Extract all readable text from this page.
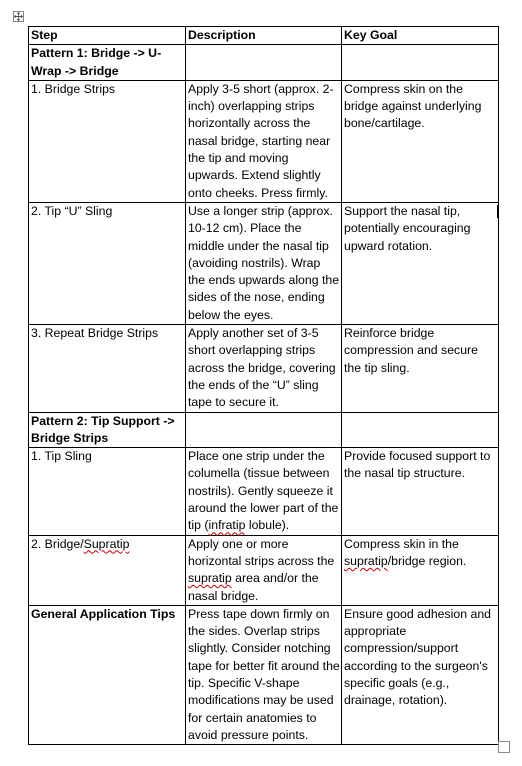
Step	Description	Key Goal
Pattern 1: Bridge -> U-Wrap -> Bridge		
1. Bridge Strips	Apply 3-5 short (approx. 2-inch) overlapping strips horizontally across the nasal bridge, starting near the tip and moving upwards. Extend slightly onto cheeks. Press firmly.	Compress skin on the bridge against underlying bone/cartilage.
2. Tip “U” Sling	Use a longer strip (approx. 10-12 cm). Place the middle under the nasal tip (avoiding nostrils). Wrap the ends upwards along the sides of the nose, ending below the eyes.	Support the nasal tip, potentially encouraging upward rotation.
3. Repeat Bridge Strips	Apply another set of 3-5 short overlapping strips across the bridge, covering the ends of the “U” sling tape to secure it.	Reinforce bridge compression and secure the tip sling.
Pattern 2: Tip Support -> Bridge Strips		
1. Tip Sling	Place one strip under the columella (tissue between nostrils). Gently squeeze it around the lower part of the tip (infratip lobule).	Provide focused support to the nasal tip structure.
2. Bridge/Supratip	Apply one or more horizontal strips across the supratip area and/or the nasal bridge.	Compress skin in the supratip/bridge region.
General Application Tips	Press tape down firmly on the sides. Overlap strips slightly. Consider notching tape for better fit around the tip. Specific V-shape modifications may be used for certain anatomies to avoid pressure points.	Ensure good adhesion and appropriate compression/support according to the surgeon's specific goals (e.g., drainage, rotation).
